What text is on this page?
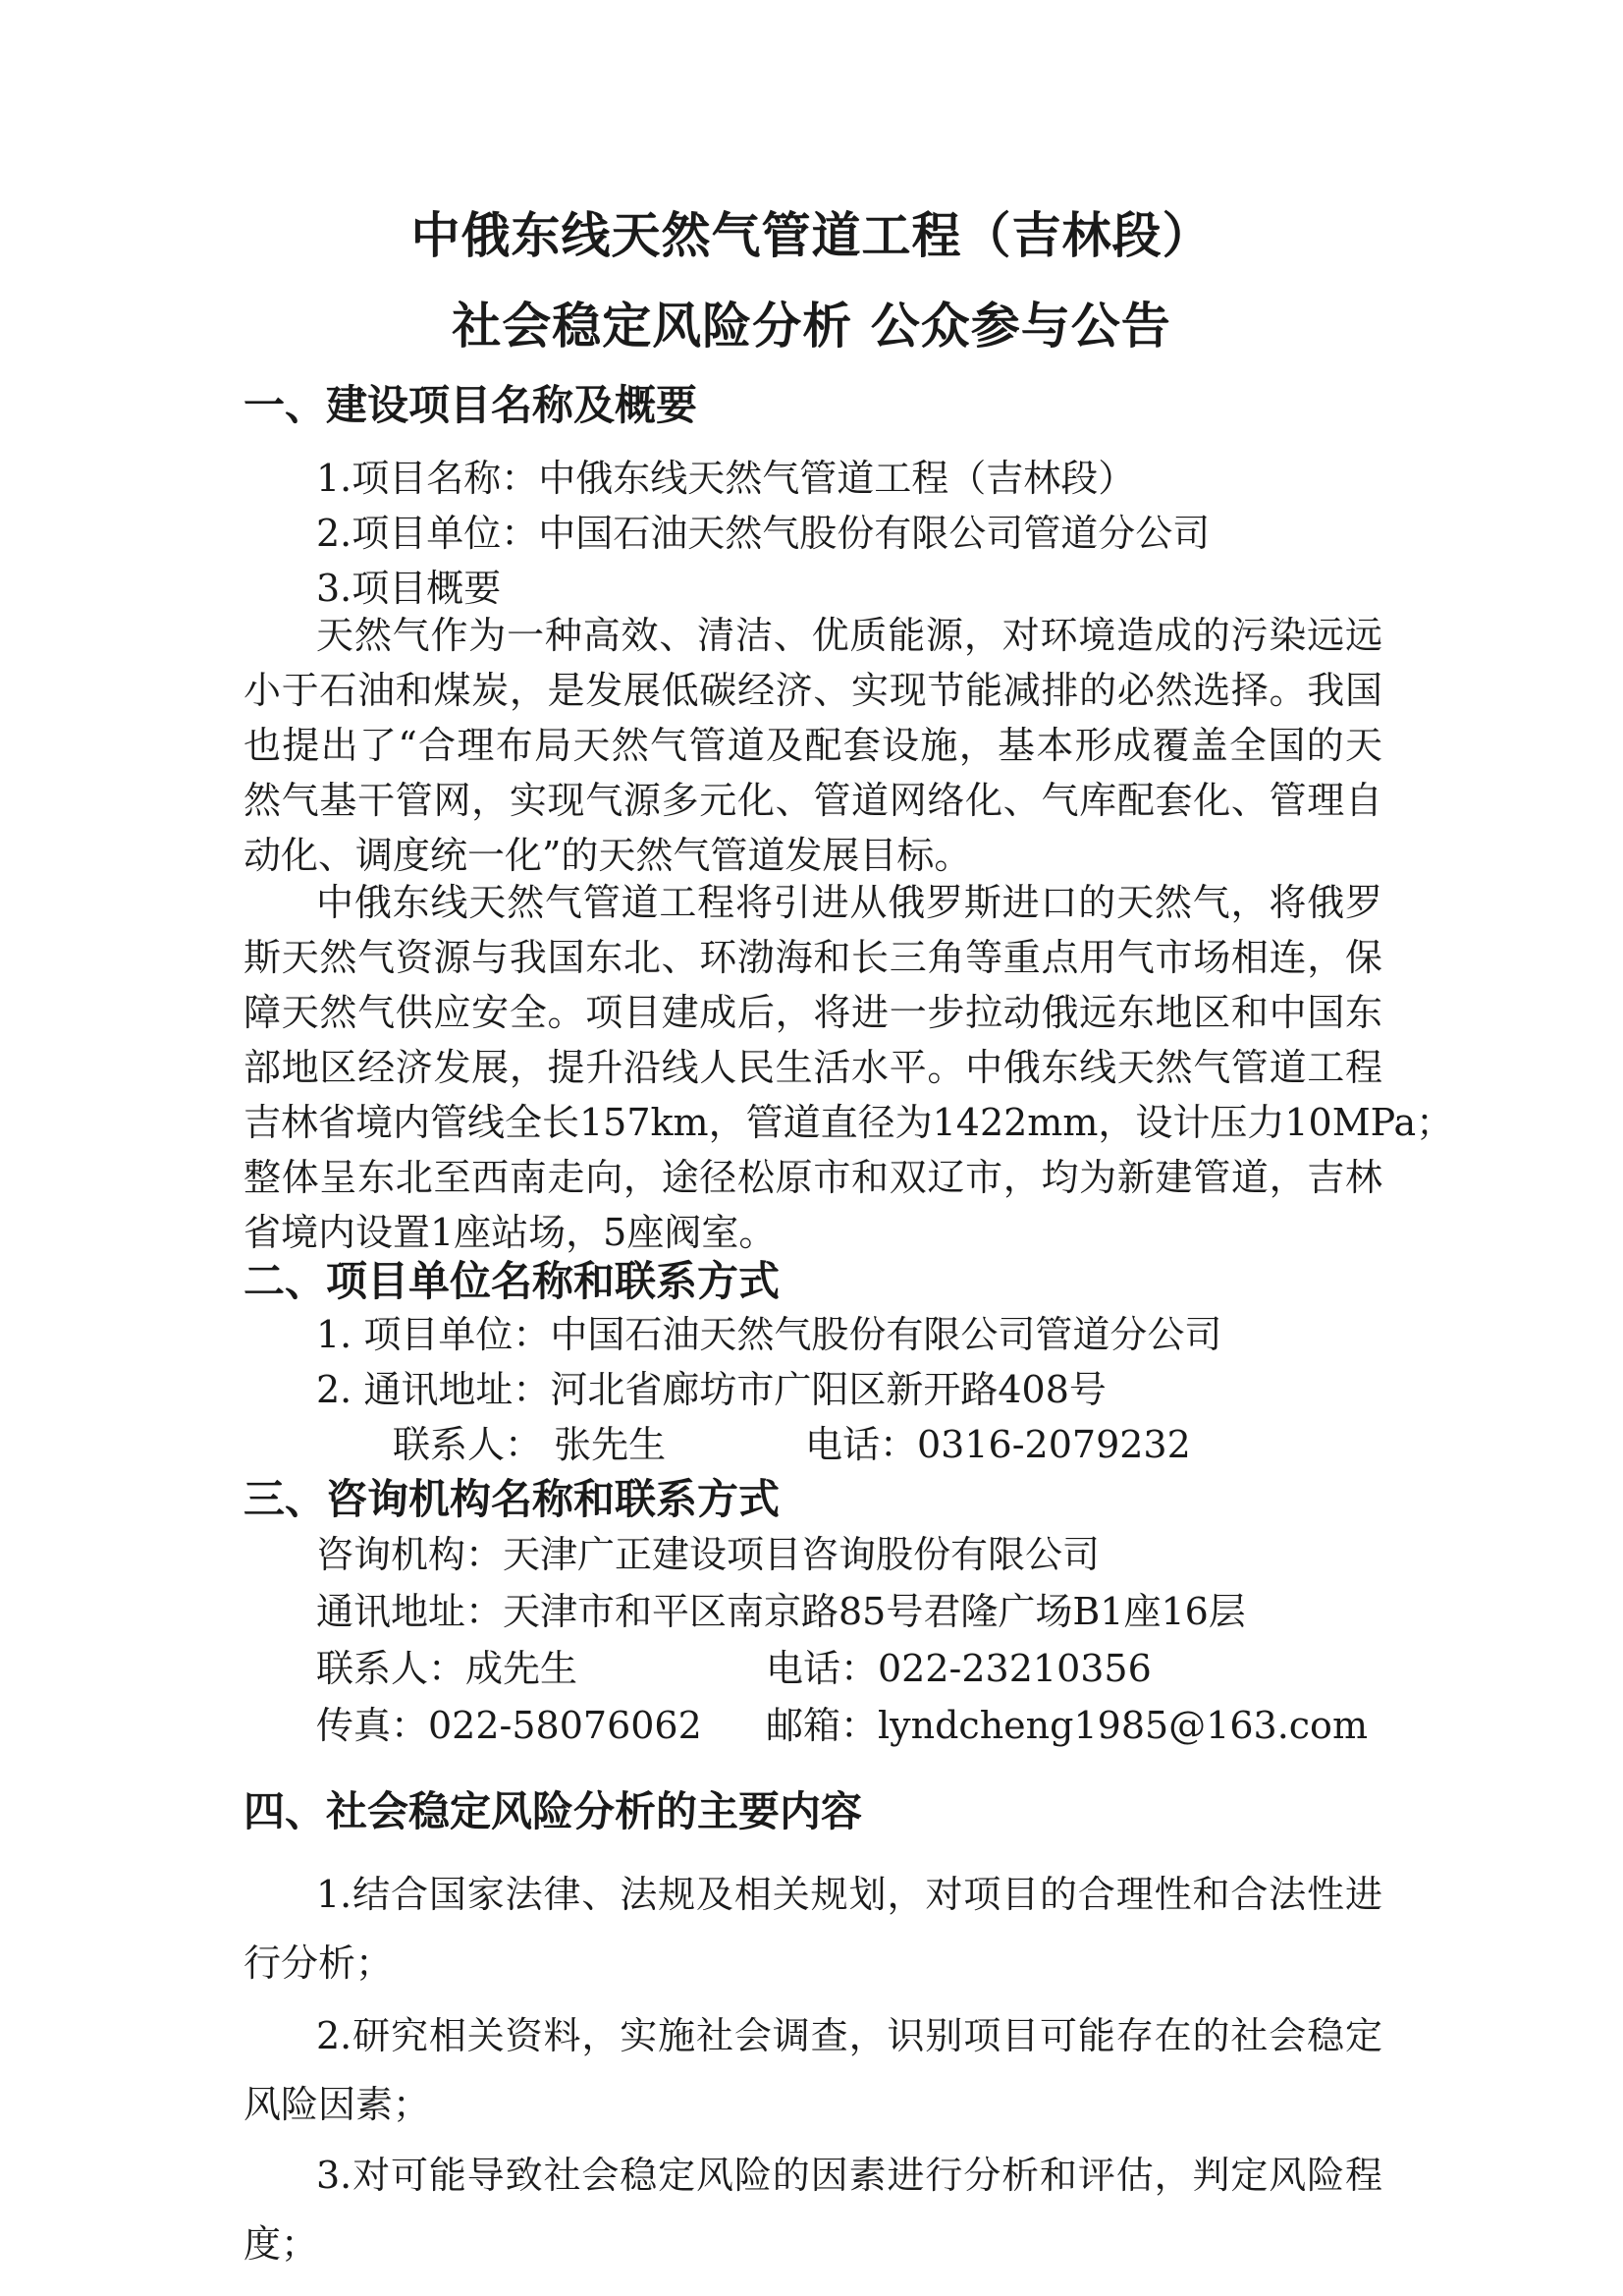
中俄东线天然气管道工程（吉林段）
社会稳定风险分析 公众参与公告
一、建设项目名称及概要
1.项目名称：中俄东线天然气管道工程（吉林段）
2.项目单位：中国石油天然气股份有限公司管道分公司
3.项目概要
天然气作为一种高效、清洁、优质能源，对环境造成的污染远远
小于石油和煤炭，是发展低碳经济、实现节能减排的必然选择。我国
也提出了“合理布局天然气管道及配套设施，基本形成覆盖全国的天
然气基干管网，实现气源多元化、管道网络化、气库配套化、管理自
动化、调度统一化”的天然气管道发展目标。
中俄东线天然气管道工程将引进从俄罗斯进口的天然气，将俄罗
斯天然气资源与我国东北、环渤海和长三角等重点用气市场相连，保
障天然气供应安全。项目建成后，将进一步拉动俄远东地区和中国东
部地区经济发展，提升沿线人民生活水平。中俄东线天然气管道工程
吉林省境内管线全长157km，管道直径为1422mm，设计压力10MPa；
整体呈东北至西南走向，途径松原市和双辽市，均为新建管道，吉林
省境内设置1座站场，5座阀室。
二、项目单位名称和联系方式
1. 项目单位：中国石油天然气股份有限公司管道分公司
2. 通讯地址：河北省廊坊市广阳区新开路408号
联系人： 张先生	电话：0316-2079232
三、咨询机构名称和联系方式
咨询机构：天津广正建设项目咨询股份有限公司
通讯地址：天津市和平区南京路85号君隆广场B1座16层
联系人：成先生	电话：022-23210356
传真：022-58076062 邮箱：lyndcheng1985@163.com
四、社会稳定风险分析的主要内容
1.结合国家法律、法规及相关规划，对项目的合理性和合法性进
行分析；
2.研究相关资料，实施社会调查，识别项目可能存在的社会稳定
风险因素；
3.对可能导致社会稳定风险的因素进行分析和评估，判定风险程
度；
